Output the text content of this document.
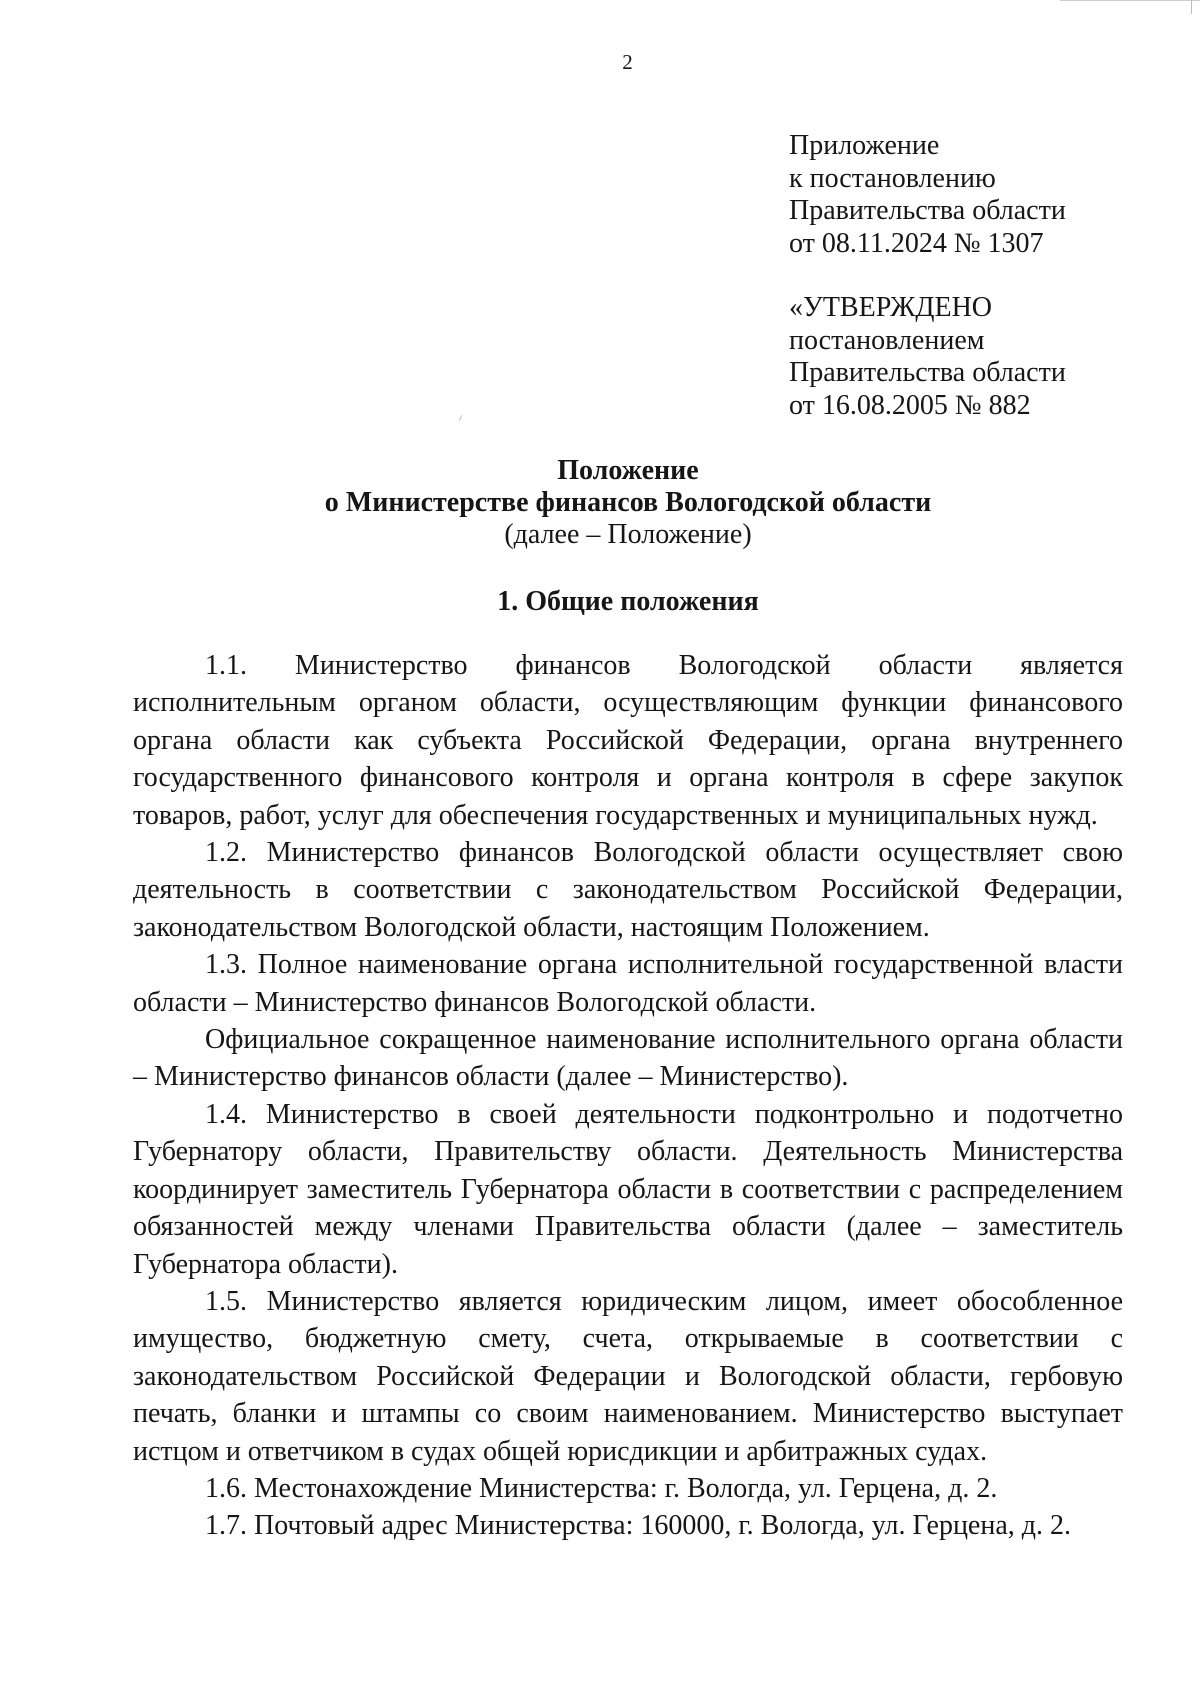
2
Приложение
к постановлению
Правительства области
от 08.11.2024 № 1307
«УТВЕРЖДЕНО
постановлением
Правительства области
от 16.08.2005 № 882
Положение
о Министерстве финансов Вологодской области
(далее – Положение)
1. Общие положения

1.1. Министерство финансов Вологодской области является исполнительным органом области, осуществляющим функции финансового органа области как субъекта Российской Федерации, органа внутреннего государственного финансового контроля и органа контроля в сфере закупок товаров, работ, услуг для обеспечения государственных и муниципальных нужд.

1.2. Министерство финансов Вологодской области осуществляет свою деятельность в соответствии с законодательством Российской Федерации, законодательством Вологодской области, настоящим Положением.

1.3. Полное наименование органа исполнительной государственной власти области – Министерство финансов Вологодской области.

Официальное сокращенное наименование исполнительного органа области – Министерство финансов области (далее – Министерство).

1.4. Министерство в своей деятельности подконтрольно и подотчетно Губернатору области, Правительству области. Деятельность Министерства координирует заместитель Губернатора области в соответствии с распределением обязанностей между членами Правительства области (далее – заместитель Губернатора области).

1.5. Министерство является юридическим лицом, имеет обособленное имущество, бюджетную смету, счета, открываемые в соответствии с законодательством Российской Федерации и Вологодской области, гербовую печать, бланки и штампы со своим наименованием. Министерство выступает истцом и ответчиком в судах общей юрисдикции и арбитражных судах.

1.6. Местонахождение Министерства: г. Вологда, ул. Герцена, д. 2.

1.7. Почтовый адрес Министерства: 160000, г. Вологда, ул. Герцена, д. 2.
